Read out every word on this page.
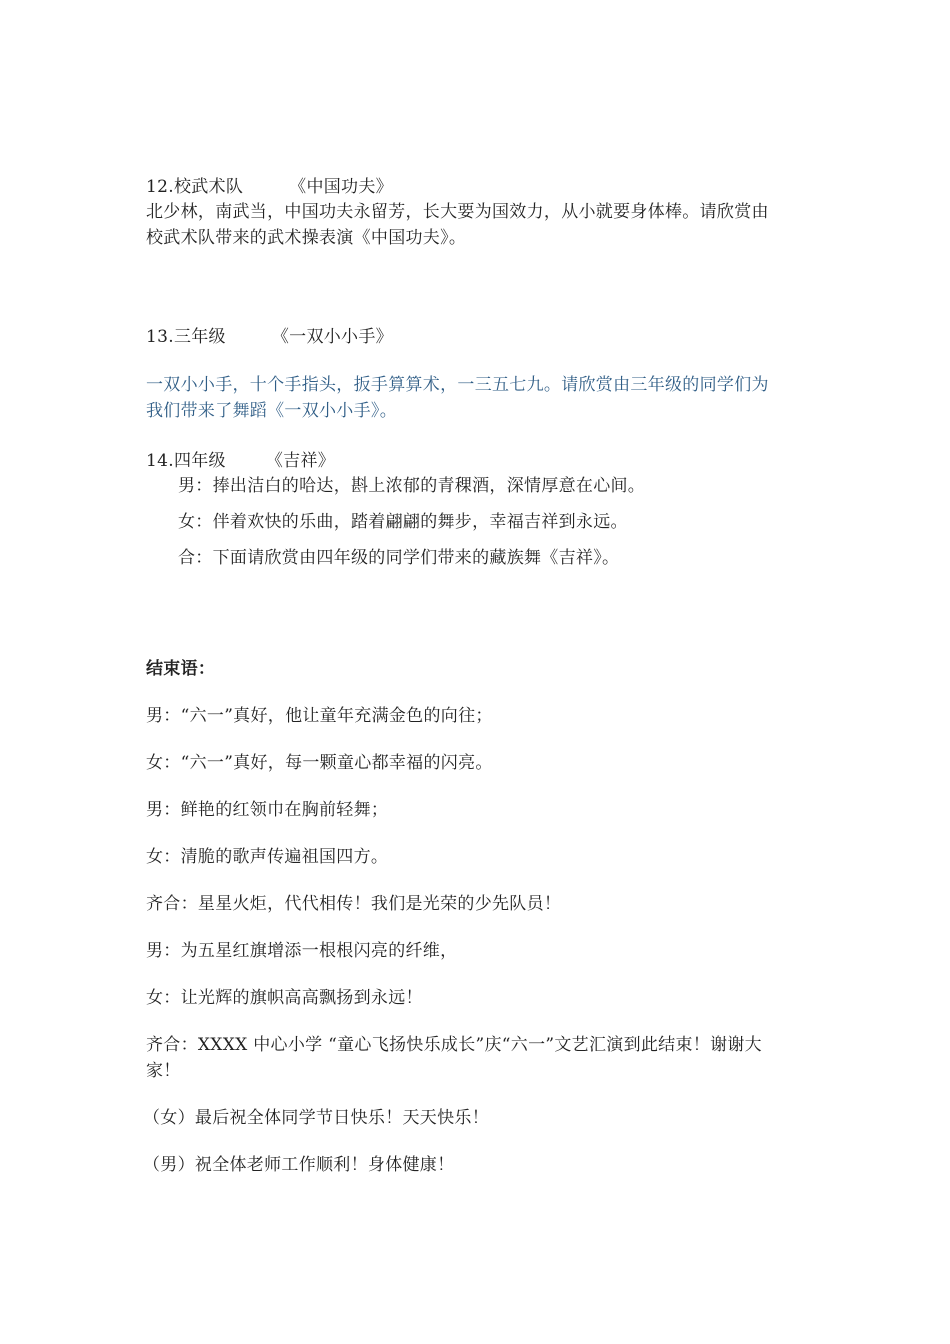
12.校武术队	《中国功夫》
北少林，南武当，中国功夫永留芳，长大要为国效力，从小就要身体棒。请欣赏由
校武术队带来的武术操表演《中国功夫》。
13.三年级	《一双小小手》
一双小小手，十个手指头，扳手算算术，一三五七九。请欣赏由三年级的同学们为
我们带来了舞蹈《一双小小手》。
14.四年级 《吉祥》
男：捧出洁白的哈达，斟上浓郁的青稞酒，深情厚意在心间。
女：伴着欢快的乐曲，踏着翩翩的舞步，幸福吉祥到永远。
合：下面请欣赏由四年级的同学们带来的藏族舞《吉祥》。
结束语：
男：“六一”真好，他让童年充满金色的向往；
女：“六一”真好，每一颗童心都幸福的闪亮。
男：鲜艳的红领巾在胸前轻舞；
女：清脆的歌声传遍祖国四方。
齐合：星星火炬，代代相传！我们是光荣的少先队员！
男：为五星红旗增添一根根闪亮的纤维，
女：让光辉的旗帜高高飘扬到永远！
齐合：XXXX 中心小学 “童心飞扬快乐成长”庆“六一”文艺汇演到此结束！谢谢大
家！
（女）最后祝全体同学节日快乐！天天快乐！
（男）祝全体老师工作顺利！身体健康！
